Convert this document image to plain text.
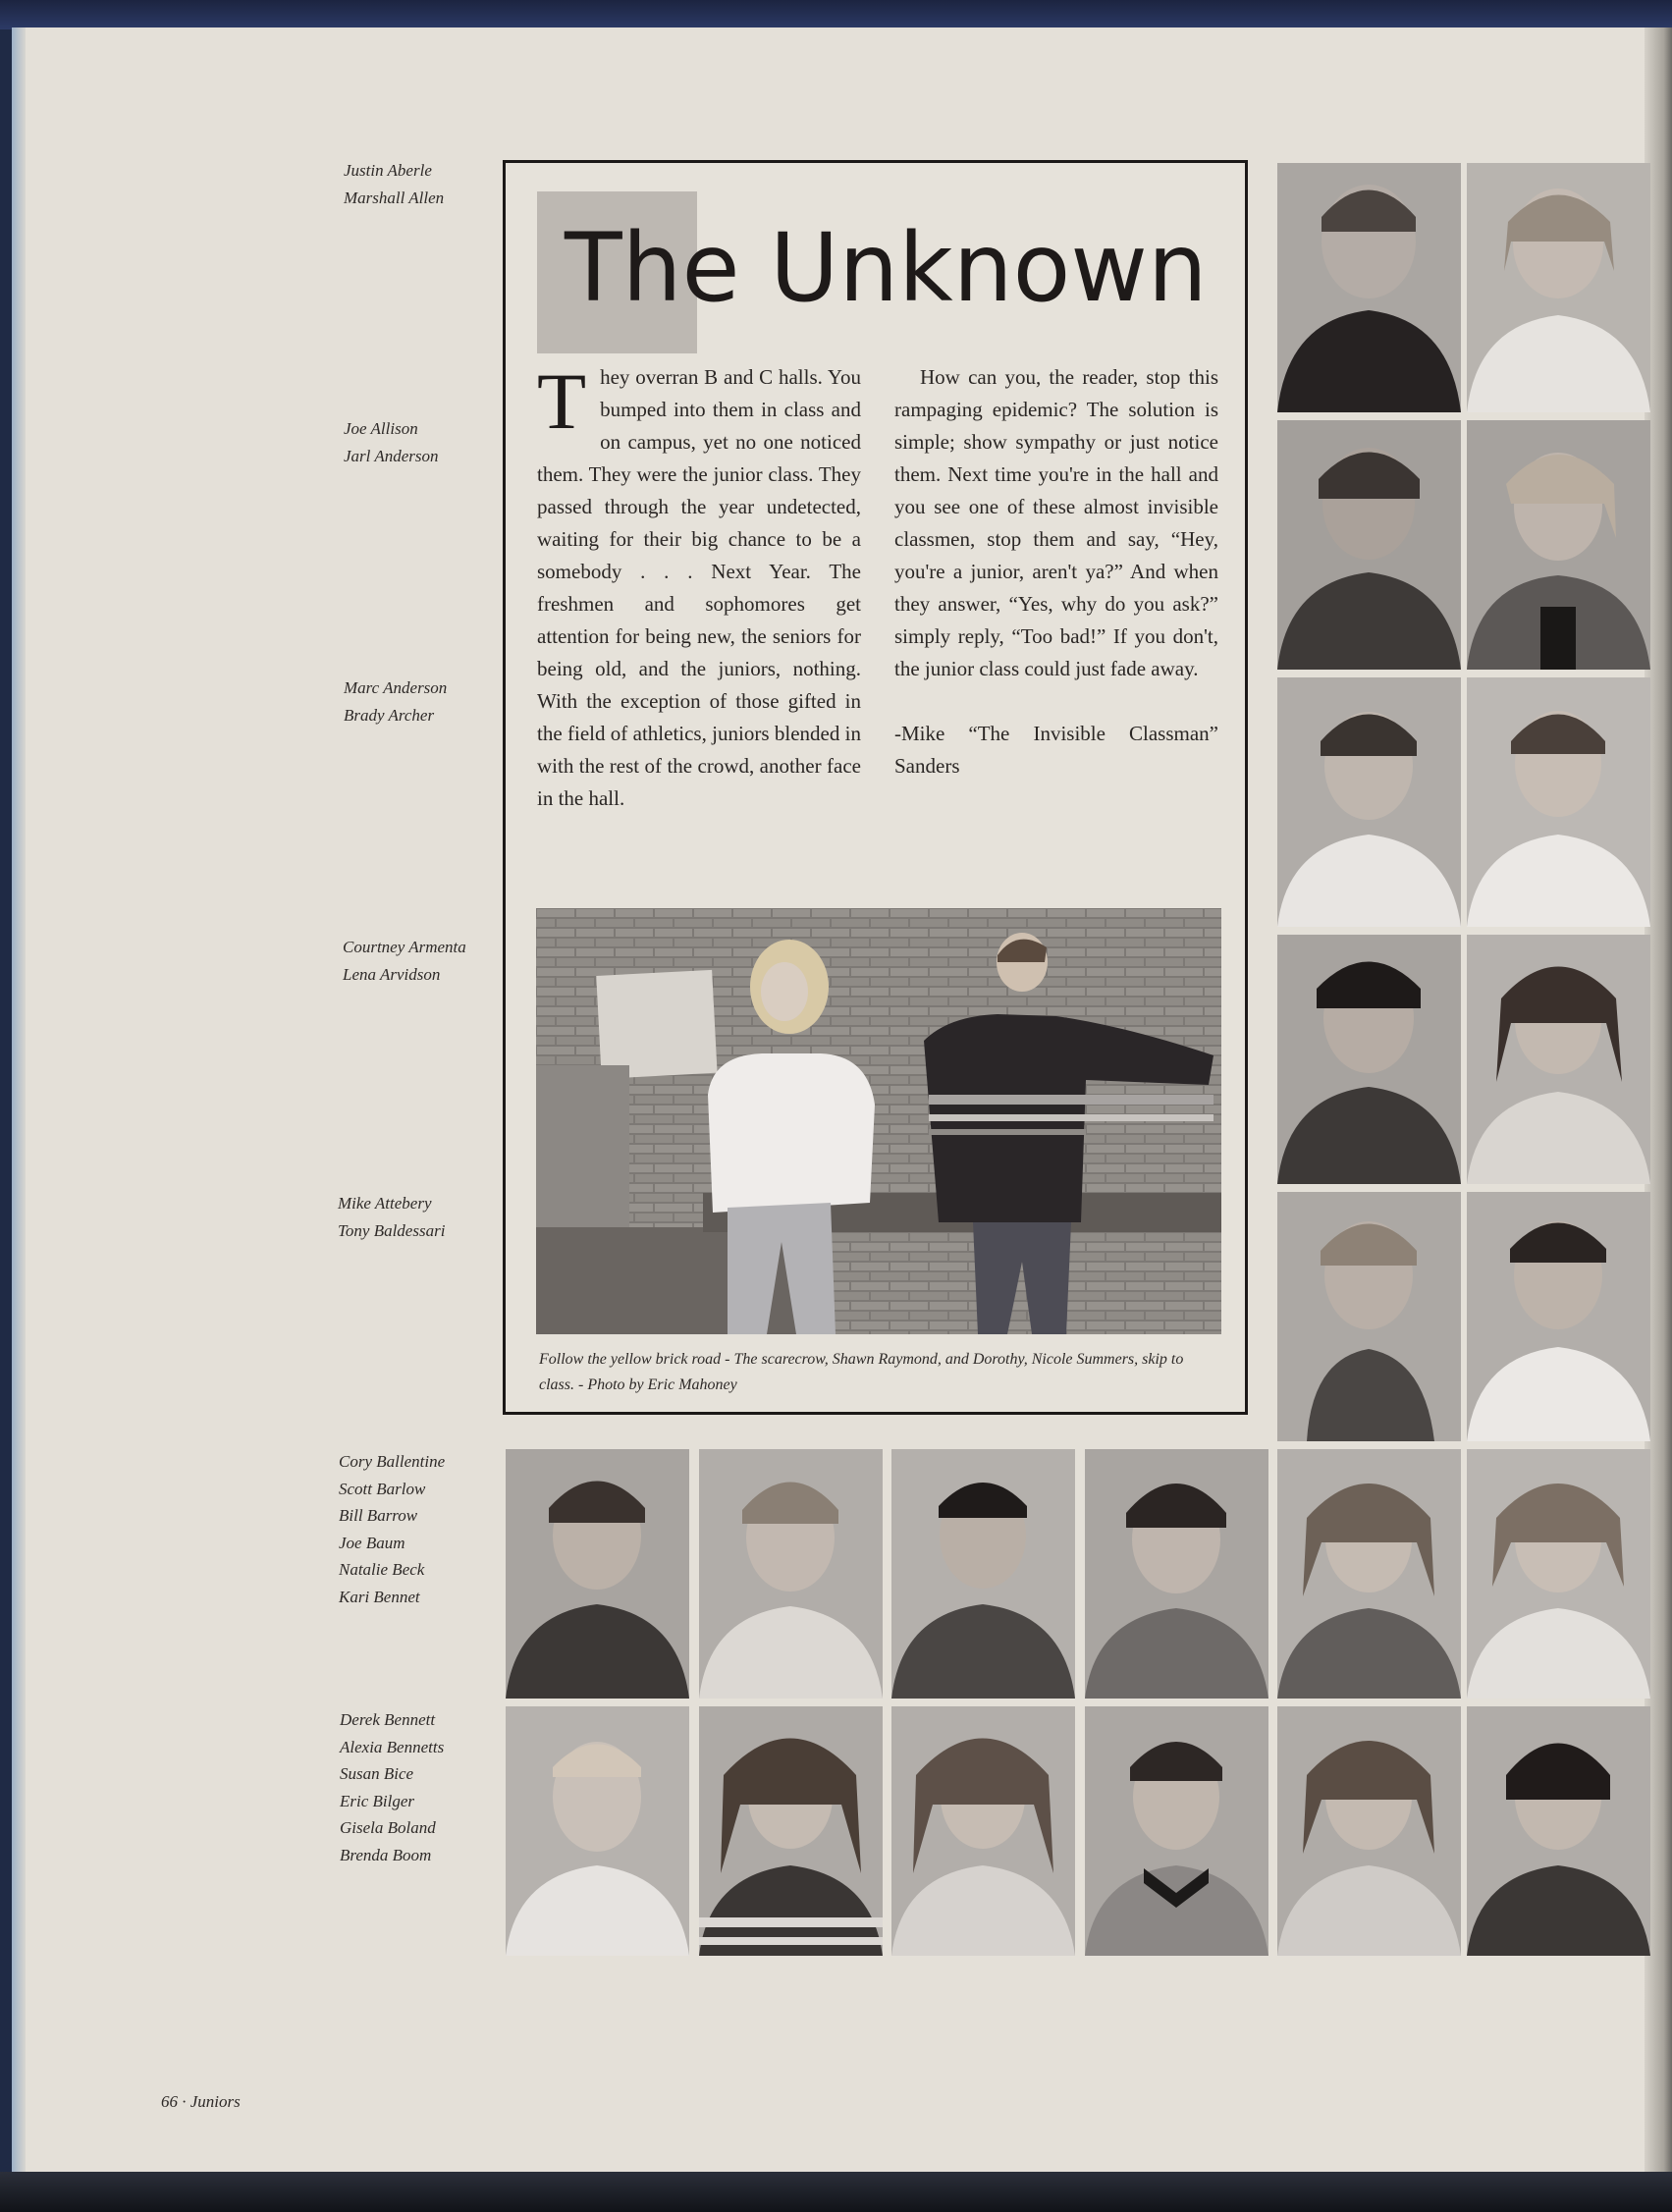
Justin Aberle
Marshall Allen
Joe Allison
Jarl Anderson
Marc Anderson
Brady Archer
Courtney Armenta
Lena Arvidson
Mike Attebery
Tony Baldessari
Cory Ballentine
Scott Barlow
Bill Barrow
Joe Baum
Natalie Beck
Kari Bennet
Derek Bennett
Alexia Bennetts
Susan Bice
Eric Bilger
Gisela Boland
Brenda Boom
The Unknown

They overran B and C halls. You bumped into them in class and on campus, yet no one noticed them. They were the junior class. They passed through the year undetected, waiting for their big chance to be a somebody . . . Next Year. The freshmen and sophomores get attention for being new, the seniors for being old, and the juniors, nothing. With the exception of those gifted in the field of athletics, juniors blended in with the rest of the crowd, another face in the hall.

How can you, the reader, stop this rampaging epidemic? The solution is simple; show sympathy or just notice them. Next time you're in the hall and you see one of these almost invisible classmen, stop them and say, “Hey, you're a junior, aren't ya?” And when they answer, “Yes, why do you ask?” simply reply, “Too bad!” If you don't, the junior class could just fade away.

-Mike “The Invisible Classman” Sanders

Follow the yellow brick road - The scarecrow, Shawn Raymond, and Dorothy, Nicole Summers, skip to class. - Photo by Eric Mahoney
66 · Juniors
